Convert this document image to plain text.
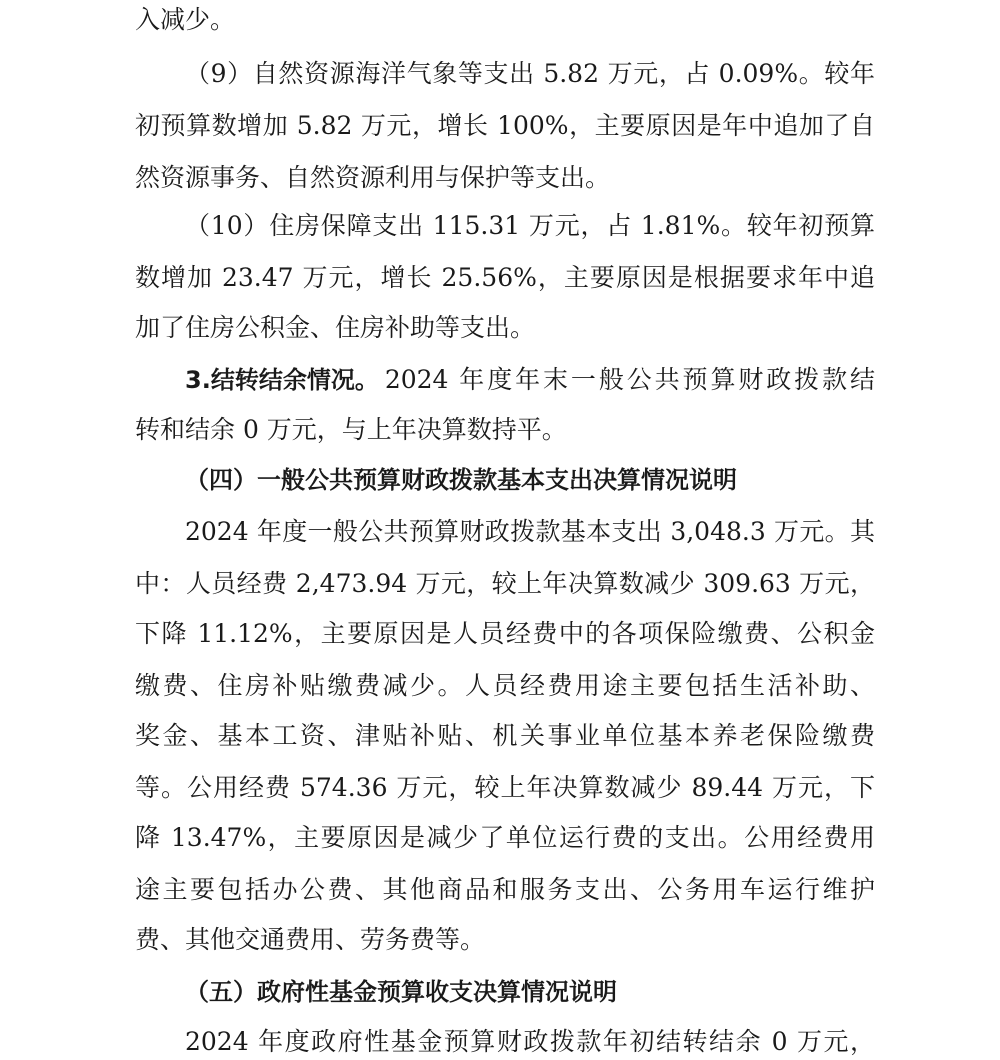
入减少。

（9）自然资源海洋气象等支出 5.82 万元，占 0.09%。较年

初预算数增加 5.82 万元，增长 100%，主要原因是年中追加了自

然资源事务、自然资源利用与保护等支出。

（10）住房保障支出 115.31 万元，占 1.81%。较年初预算

数增加 23.47 万元，增长 25.56%，主要原因是根据要求年中追

加了住房公积金、住房补助等支出。

3.结转结余情况。 2024 年度年末一般公共预算财政拨款结

转和结余 0 万元，与上年决算数持平。

（四）一般公共预算财政拨款基本支出决算情况说明

2024 年度一般公共预算财政拨款基本支出 3,048.3 万元。其

中：人员经费 2,473.94 万元，较上年决算数减少 309.63 万元，

下降 11.12%，主要原因是人员经费中的各项保险缴费、公积金

缴费、住房补贴缴费减少。人员经费用途主要包括生活补助、

奖金、基本工资、津贴补贴、机关事业单位基本养老保险缴费

等。公用经费 574.36 万元，较上年决算数减少 89.44 万元，下

降 13.47%，主要原因是减少了单位运行费的支出。公用经费用

途主要包括办公费、其他商品和服务支出、公务用车运行维护

费、其他交通费用、劳务费等。

（五）政府性基金预算收支决算情况说明

2024 年度政府性基金预算财政拨款年初结转结余 0 万元，
